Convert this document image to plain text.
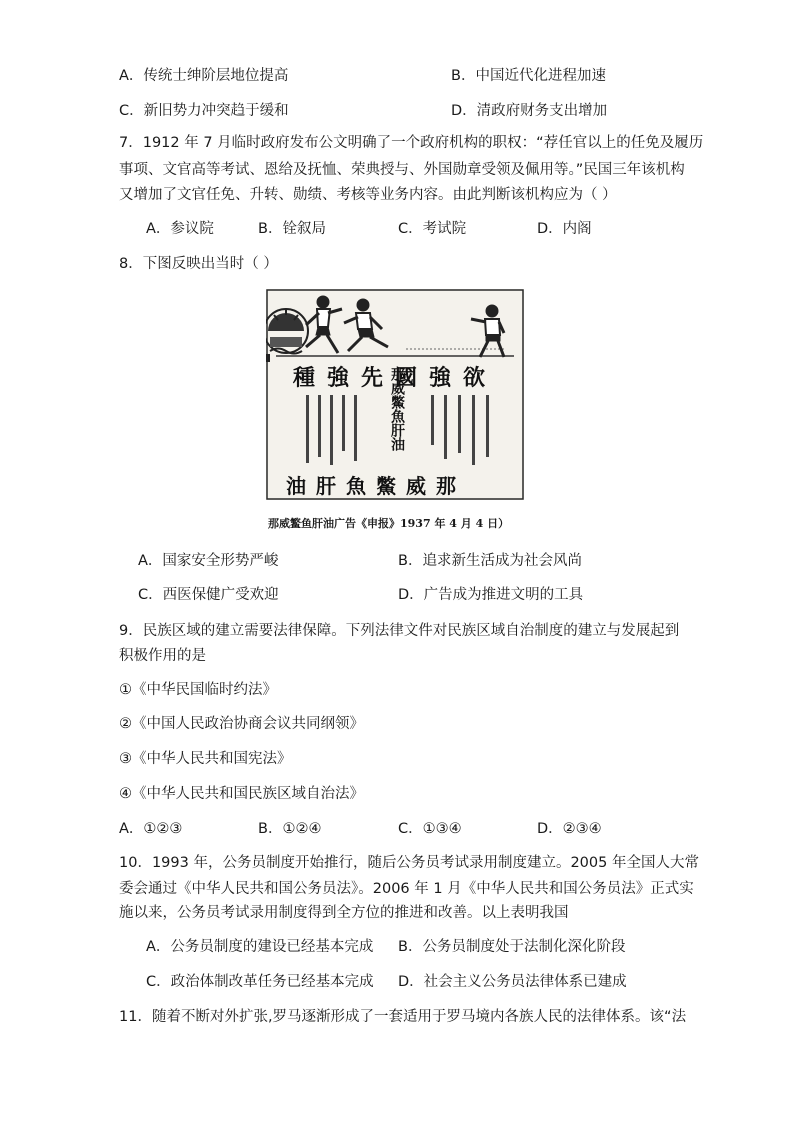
A．传统士绅阶层地位提高	B．中国近代化进程加速
C．新旧势力冲突趋于缓和	D．清政府财务支出增加
7．1912 年 7 月临时政府发布公文明确了一个政府机构的职权：“荐任官以上的任免及履历
事项、文官高等考试、恩给及抚恤、荣典授与、外国勋章受领及佩用等。”民国三年该机构
又增加了文官任免、升转、勋绩、考核等业务内容。由此判断该机构应为（ ）
A．参议院	B．铨叙局	C．考试院	D．内阁
8．下图反映出当时（ ）
種強先國強欲
那威鱉魚肝油
油肝魚鱉威那
那威鳘鱼肝油广告《申报》1937 年 4 月 4 日）
A．国家安全形势严峻	B．追求新生活成为社会风尚
C．西医保健广受欢迎	D．广告成为推进文明的工具
9．民族区域的建立需要法律保障。下列法律文件对民族区域自治制度的建立与发展起到
积极作用的是
①《中华民国临时约法》
②《中国人民政治协商会议共同纲领》
③《中华人民共和国宪法》
④《中华人民共和国民族区域自治法》
A．①②③	B．①②④	C．①③④	D．②③④
10．1993 年，公务员制度开始推行，随后公务员考试录用制度建立。2005 年全国人大常
委会通过《中华人民共和国公务员法》。2006 年 1 月《中华人民共和国公务员法》正式实
施以来，公务员考试录用制度得到全方位的推进和改善。以上表明我国
A．公务员制度的建设已经基本完成 B．公务员制度处于法制化深化阶段
C．政治体制改革任务已经基本完成 D．社会主义公务员法律体系已建成
11．随着不断对外扩张,罗马逐渐形成了一套适用于罗马境内各族人民的法律体系。该“法
